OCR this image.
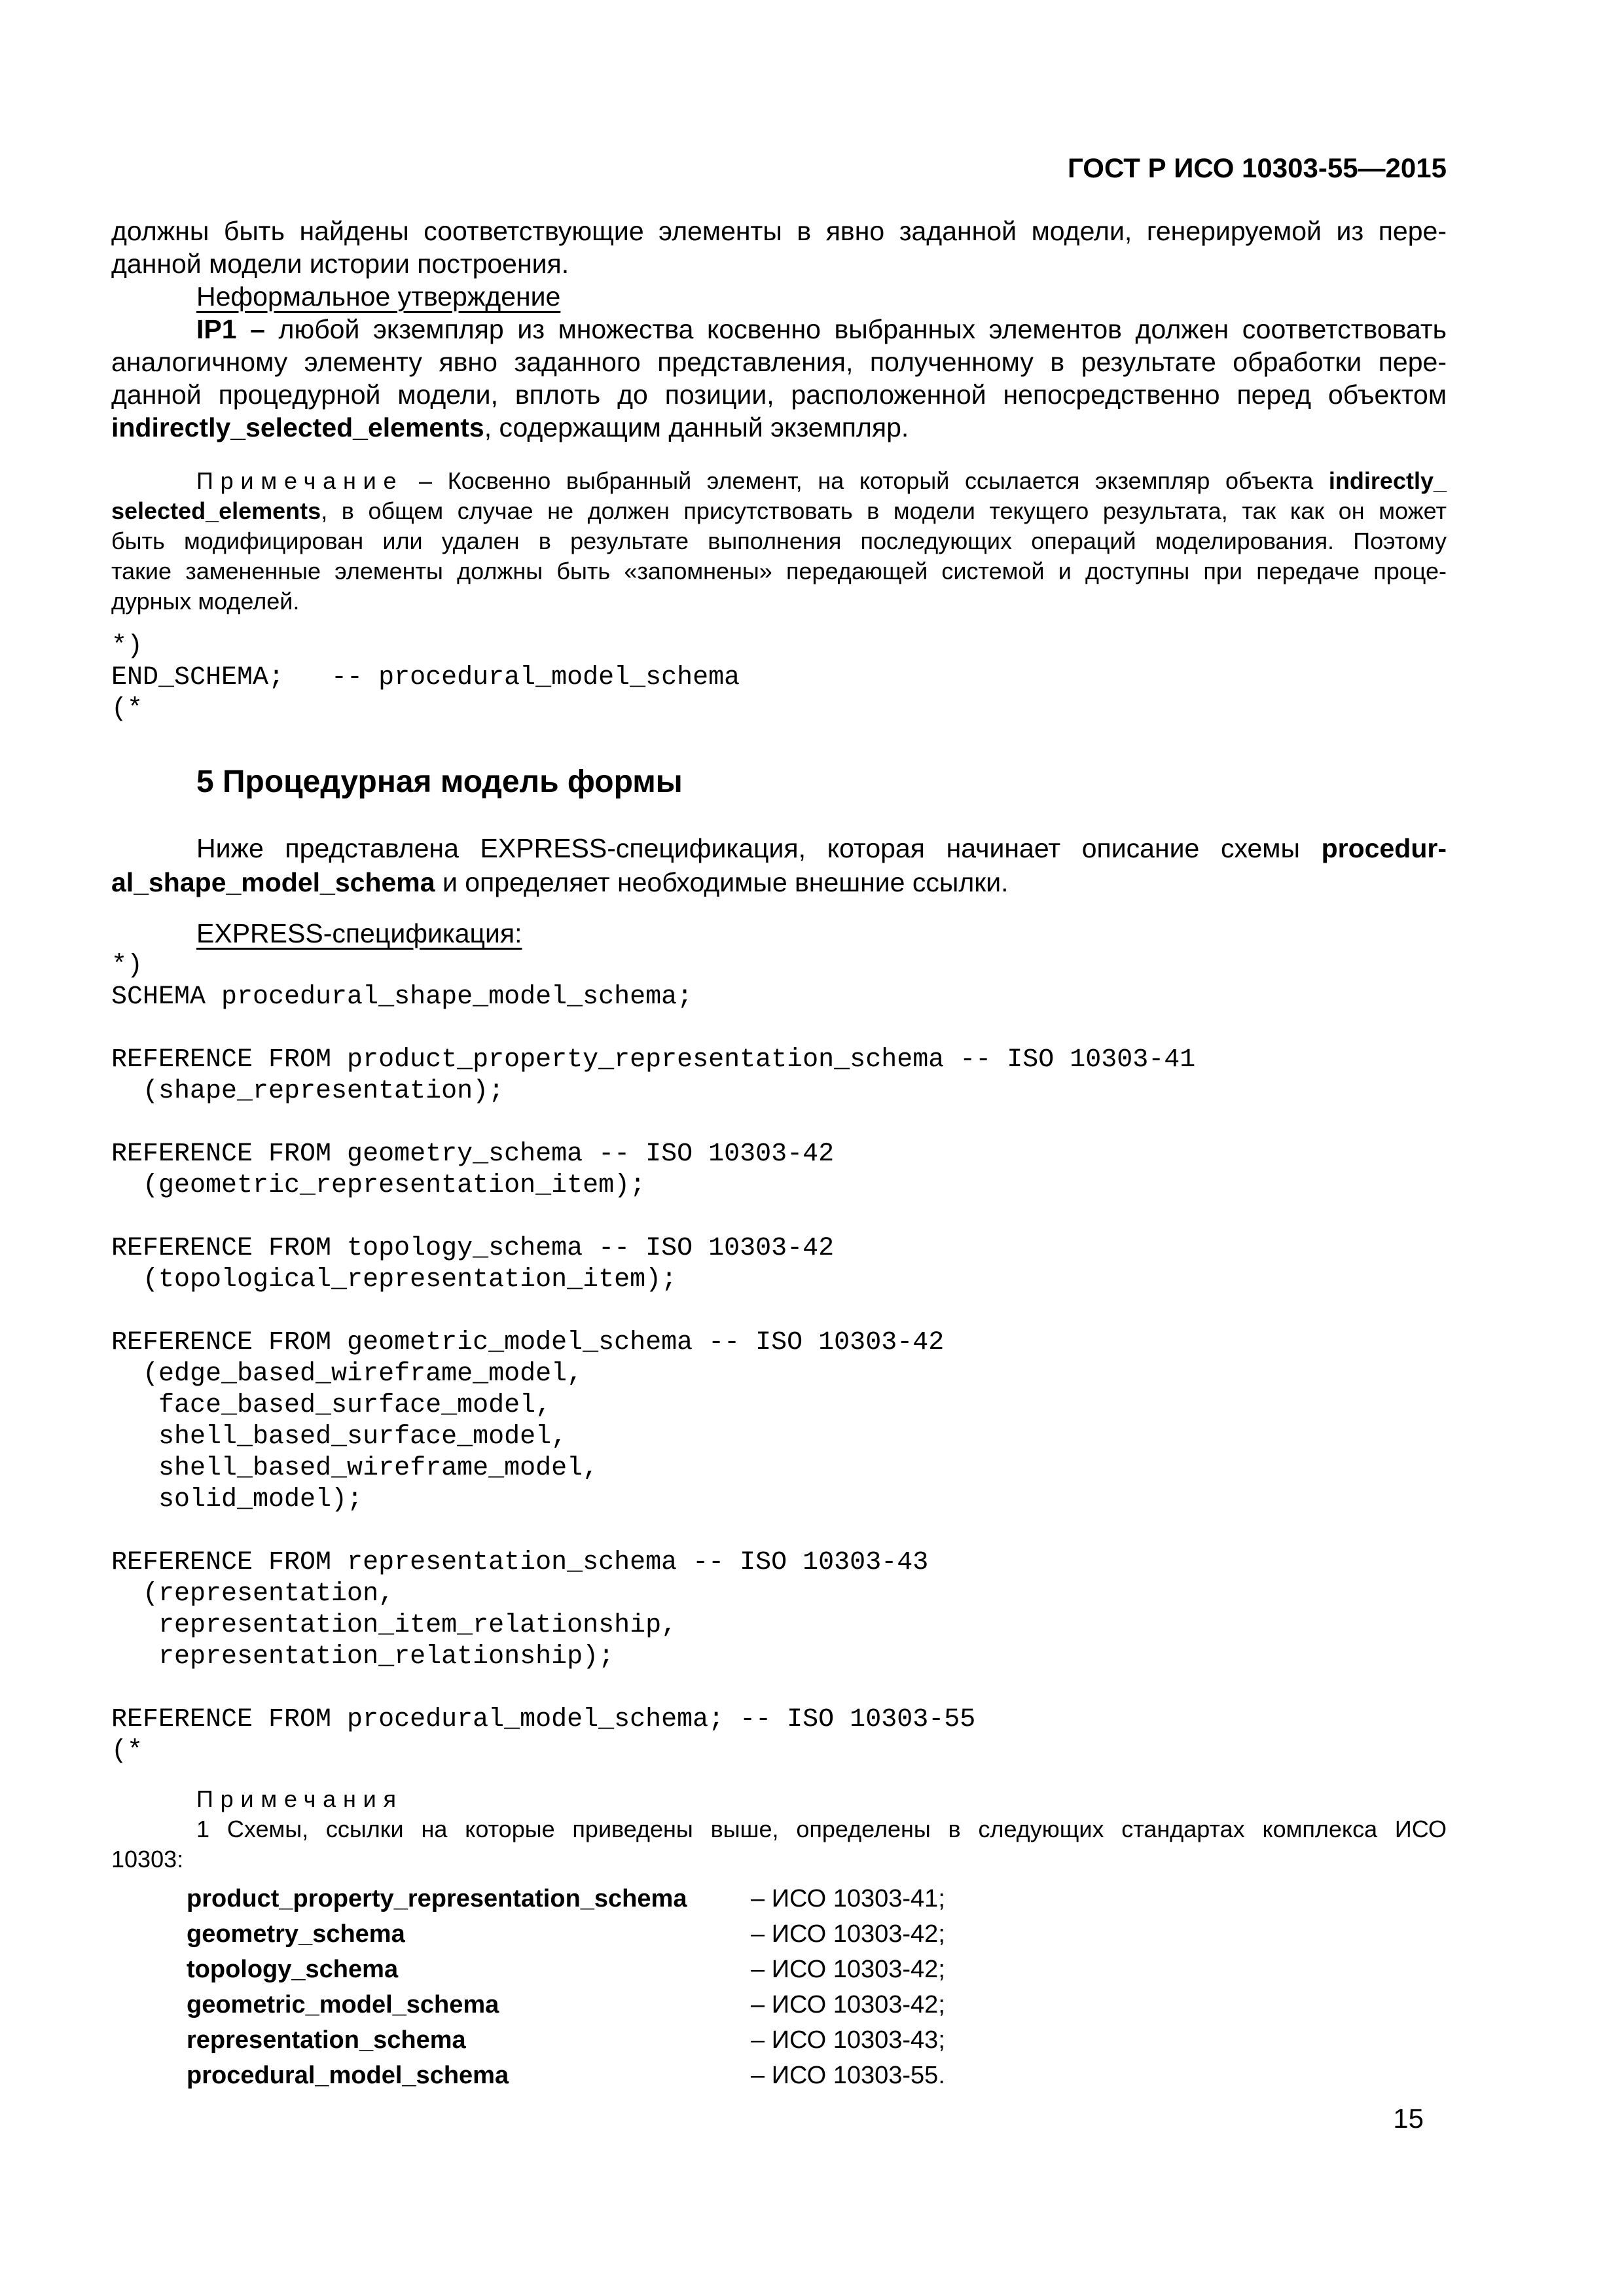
ГОСТ Р ИСО 10303-55—2015
должны быть найдены соответствующие элементы в явно заданной модели, генерируемой из пере-
данной модели истории построения.
Неформальное утверждение
IP1 – любой экземпляр из множества косвенно выбранных элементов должен соответствовать
аналогичному элементу явно заданного представления, полученному в результате обработки пере-
данной процедурной модели, вплоть до позиции, расположенной непосредственно перед объектом
indirectly_selected_elements, содержащим данный экземпляр.
Примечание – Косвенно выбранный элемент, на который ссылается экземпляр объекта indirectly_
selected_elements, в общем случае не должен присутствовать в модели текущего результата, так как он может
быть модифицирован или удален в результате выполнения последующих операций моделирования. Поэтому
такие замененные элементы должны быть «запомнены» передающей системой и доступны при передаче проце-
дурных моделей.
*)
END_SCHEMA;   -- procedural_model_schema
(*
5 Процедурная модель формы
Ниже представлена EXPRESS-спецификация, которая начинает описание схемы procedur-
al_shape_model_schema и определяет необходимые внешние ссылки.
EXPRESS-спецификация:
*)
SCHEMA procedural_shape_model_schema;

REFERENCE FROM product_property_representation_schema -- ISO 10303-41
(shape_representation);

REFERENCE FROM geometry_schema -- ISO 10303-42
(geometric_representation_item);

REFERENCE FROM topology_schema -- ISO 10303-42
(topological_representation_item);

REFERENCE FROM geometric_model_schema -- ISO 10303-42
(edge_based_wireframe_model,
face_based_surface_model,
shell_based_surface_model,
shell_based_wireframe_model,
solid_model);

REFERENCE FROM representation_schema -- ISO 10303-43
(representation,
representation_item_relationship,
representation_relationship);

REFERENCE FROM procedural_model_schema; -- ISO 10303-55
(*
Примечания
1 Схемы, ссылки на которые приведены выше, определены в следующих стандартах комплекса ИСО
10303:
product_property_representation_schema	– ИСО 10303-41;
geometry_schema	– ИСО 10303-42;
topology_schema	– ИСО 10303-42;
geometric_model_schema	– ИСО 10303-42;
representation_schema	– ИСО 10303-43;
procedural_model_schema	– ИСО 10303-55.
15
